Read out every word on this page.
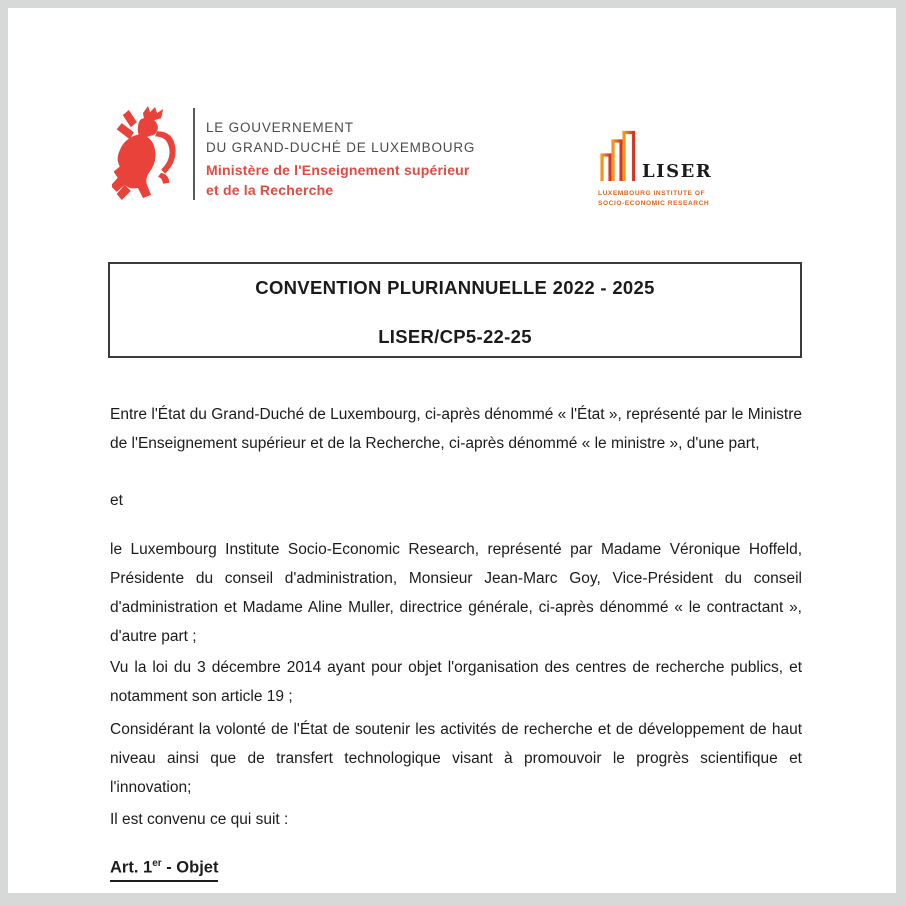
LE GOUVERNEMENT
DU GRAND-DUCHÉ DE LUXEMBOURG
Ministère de l'Enseignement supérieur
et de la Recherche
LISER
LUXEMBOURG INSTITUTE OF
SOCIO-ECONOMIC RESEARCH
CONVENTION PLURIANNUELLE 2022 - 2025
LISER/CP5-22-25

Entre l'État du Grand-Duché de Luxembourg, ci-après dénommé « l'État », représenté par le Ministre de l'Enseignement supérieur et de la Recherche, ci-après dénommé « le ministre », d'une part,

et

le Luxembourg Institute Socio-Economic Research, représenté par Madame Véronique Hoffeld, Présidente du conseil d'administration, Monsieur Jean-Marc Goy, Vice-Président du conseil d'administration et Madame Aline Muller, directrice générale, ci-après dénommé « le contractant », d'autre part ;

Vu la loi du 3 décembre 2014 ayant pour objet l'organisation des centres de recherche publics, et notamment son article 19 ;

Considérant la volonté de l'État de soutenir les activités de recherche et de développement de haut niveau ainsi que de transfert technologique visant à promouvoir le progrès scientifique et l'innovation;

Il est convenu ce qui suit :

Art. 1er - Objet
